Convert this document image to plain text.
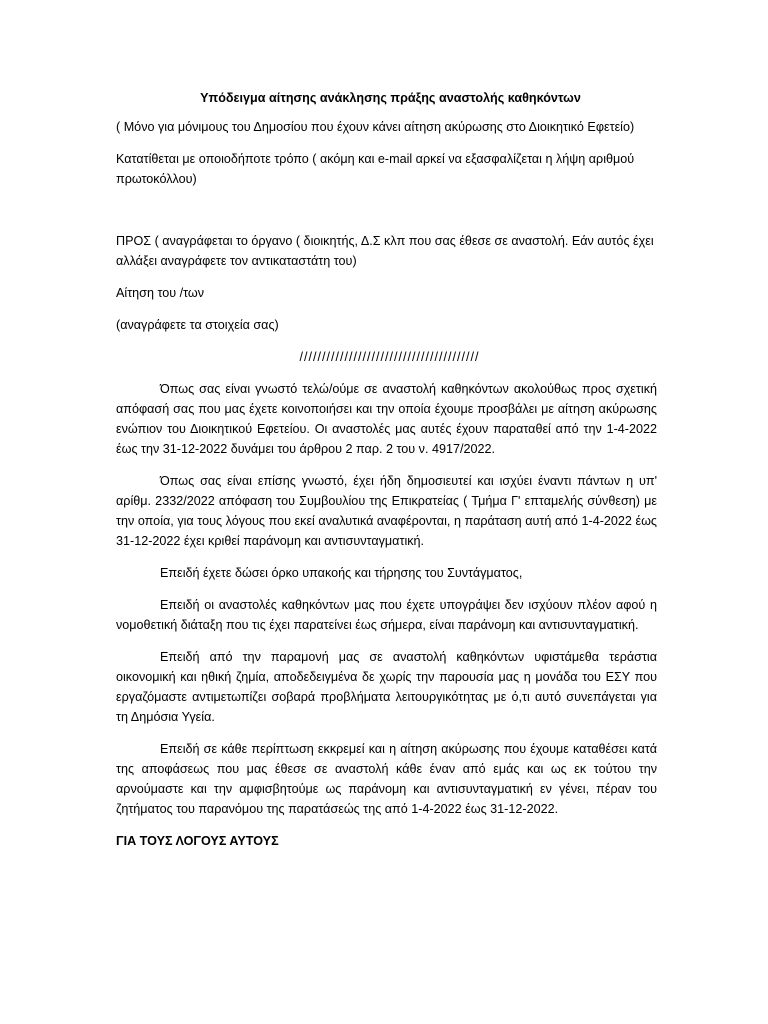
Υπόδειγμα αίτησης ανάκλησης πράξης αναστολής καθηκόντων
( Μόνο για μόνιμους του Δημοσίου που έχουν κάνει αίτηση ακύρωσης στο Διοικητικό Εφετείο)
Κατατίθεται με οποιοδήποτε τρόπο ( ακόμη και e-mail αρκεί να εξασφαλίζεται η λήψη αριθμού πρωτοκόλλου)
ΠΡΟΣ ( αναγράφεται το όργανο ( διοικητής, Δ.Σ κλπ που σας έθεσε σε αναστολή. Εάν αυτός έχει αλλάξει αναγράφετε τον αντικαταστάτη του)
Αίτηση του /των
(αναγράφετε τα στοιχεία σας)
////////////////////////////////////////
Όπως σας είναι γνωστό τελώ/ούμε σε αναστολή καθηκόντων ακολούθως προς σχετική απόφασή σας που μας έχετε κοινοποιήσει και την οποία έχουμε προσβάλει με αίτηση ακύρωσης ενώπιον του Διοικητικού Εφετείου. Οι αναστολές μας αυτές έχουν παραταθεί από την 1-4-2022 έως την 31-12-2022 δυνάμει του άρθρου 2 παρ. 2 του ν. 4917/2022.
Όπως σας είναι επίσης γνωστό, έχει ήδη δημοσιευτεί και ισχύει έναντι πάντων η υπ' αρίθμ. 2332/2022 απόφαση του Συμβουλίου της Επικρατείας ( Τμήμα Γ' επταμελής σύνθεση) με την οποία, για τους λόγους που εκεί αναλυτικά αναφέρονται, η παράταση αυτή από 1-4-2022 έως 31-12-2022 έχει κριθεί παράνομη και αντισυνταγματική.
Επειδή έχετε δώσει όρκο υπακοής και τήρησης του Συντάγματος,
Επειδή οι αναστολές καθηκόντων μας που έχετε υπογράψει δεν ισχύουν πλέον αφού η νομοθετική διάταξη που τις έχει παρατείνει έως σήμερα, είναι παράνομη και αντισυνταγματική.
Επειδή από την παραμονή μας σε αναστολή καθηκόντων υφιστάμεθα τεράστια οικονομική και ηθική ζημία, αποδεδειγμένα δε χωρίς την παρουσία μας η μονάδα του ΕΣΥ που εργαζόμαστε αντιμετωπίζει σοβαρά προβλήματα λειτουργικότητας με ό,τι αυτό συνεπάγεται για τη Δημόσια Υγεία.
Επειδή σε κάθε περίπτωση εκκρεμεί και η αίτηση ακύρωσης που έχουμε καταθέσει κατά της αποφάσεως που μας έθεσε σε αναστολή κάθε έναν από εμάς και ως εκ τούτου την αρνούμαστε και την αμφισβητούμε ως παράνομη και αντισυνταγματική εν γένει, πέραν του ζητήματος του παρανόμου της παρατάσεώς της από 1-4-2022 έως 31-12-2022.
ΓΙΑ ΤΟΥΣ ΛΟΓΟΥΣ ΑΥΤΟΥΣ
